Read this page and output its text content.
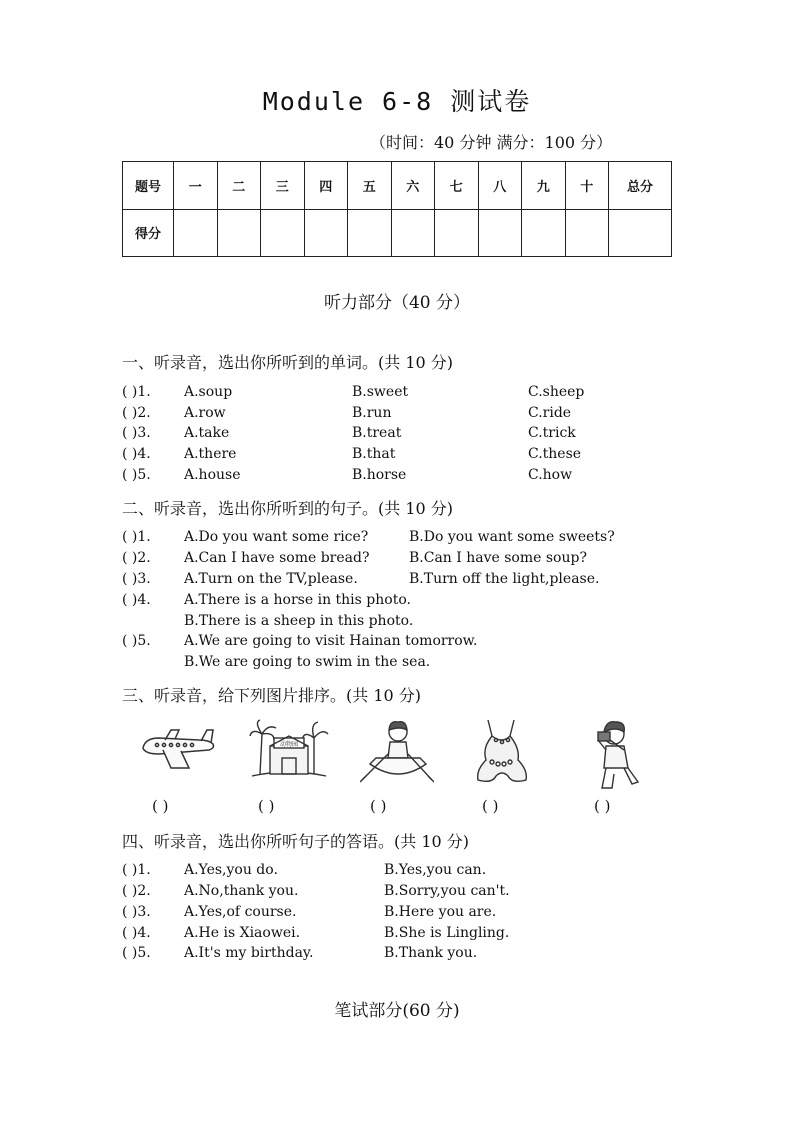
Module 6-8 测试卷
（时间：40 分钟 满分：100 分）
题号	一	二	三	四	五	六	七	八	九	十	总分
得分											
听力部分（40 分）
一、听录音，选出你所听到的单词。(共 10 分)
( )1. A.soup	B.sweet	C.sheep
( )2. A.row	B.run	C.ride
( )3. A.take	B.treat	C.trick
( )4. A.there	B.that	C.these
( )5. A.house	B.horse	C.how
二、听录音，选出你所听到的句子。(共 10 分)
( )1. A.Do you want some rice?	B.Do you want some sweets?
( )2. A.Can I have some bread?	B.Can I have some soup?
( )3. A.Turn on the TV,please.	B.Turn off the light,please.
( )4. A.There is a horse in this photo.
B.There is a sheep in this photo.
( )5. A.We are going to visit Hainan tomorrow.
B.We are going to swim in the sea.
三、听录音，给下列图片排序。(共 10 分)
动物园
( )	( )	( )	( )	( )
四、听录音，选出你所听句子的答语。(共 10 分)
( )1. A.Yes,you do.	B.Yes,you can.
( )2. A.No,thank you.	B.Sorry,you can't.
( )3. A.Yes,of course.	B.Here you are.
( )4. A.He is Xiaowei.	B.She is Lingling.
( )5. A.It's my birthday.	B.Thank you.
笔试部分(60 分)
